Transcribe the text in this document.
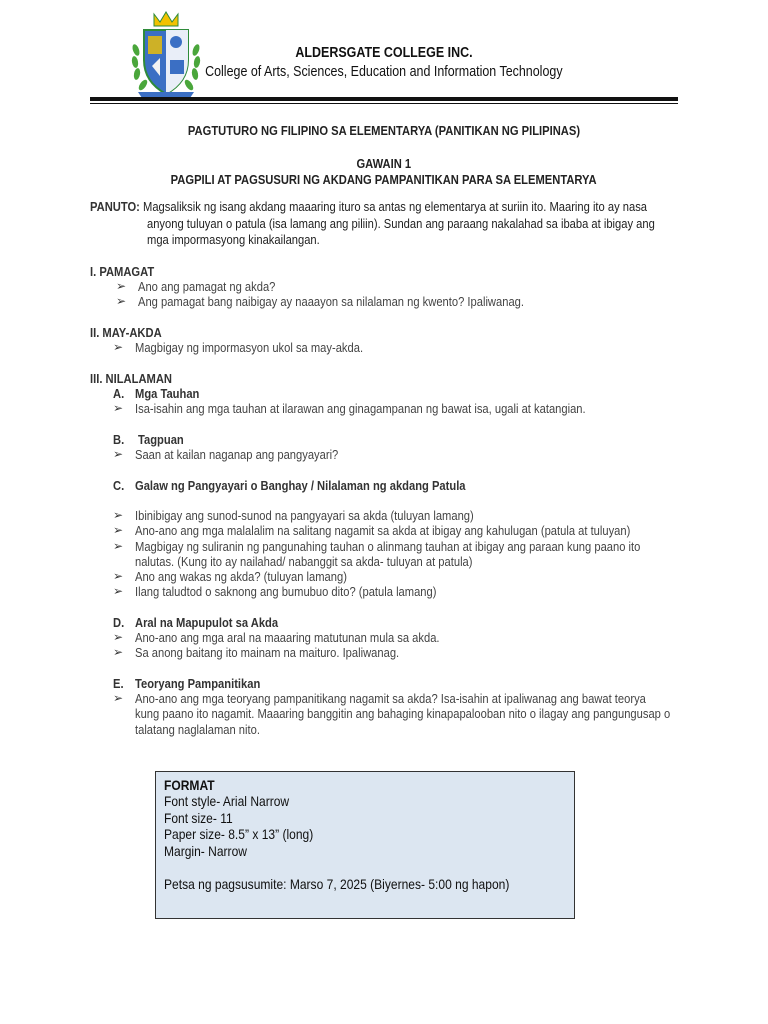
ALDERSGATE COLLEGE INC.
College of Arts, Sciences, Education and Information Technology
PAGTUTURO NG FILIPINO SA ELEMENTARYA (PANITIKAN NG PILIPINAS)
GAWAIN 1
PAGPILI AT PAGSUSURI NG AKDANG PAMPANITIKAN PARA SA ELEMENTARYA
PANUTO: Magsaliksik ng isang akdang maaaring ituro sa antas ng elementarya at suriin ito. Maaring ito ay nasa
anyong tuluyan o patula (isa lamang ang piliin). Sundan ang paraang nakalahad sa ibaba at ibigay ang
mga impormasyong kinakailangan.
I. PAMAGAT
➢ Ano ang pamagat ng akda?
➢ Ang pamagat bang naibigay ay naaayon sa nilalaman ng kwento? Ipaliwanag.
II. MAY-AKDA
➢ Magbigay ng impormasyon ukol sa may-akda.
III. NILALAMAN
A. Mga Tauhan
➢ Isa-isahin ang mga tauhan at ilarawan ang ginagampanan ng bawat isa, ugali at katangian.
B. Tagpuan
➢ Saan at kailan naganap ang pangyayari?
C. Galaw ng Pangyayari o Banghay / Nilalaman ng akdang Patula
➢ Ibinibigay ang sunod-sunod na pangyayari sa akda (tuluyan lamang)
➢ Ano-ano ang mga malalalim na salitang nagamit sa akda at ibigay ang kahulugan (patula at tuluyan)
➢ Magbigay ng suliranin ng pangunahing tauhan o alinmang tauhan at ibigay ang paraan kung paano ito
nalutas. (Kung ito ay nailahad/ nabanggit sa akda- tuluyan at patula)
➢ Ano ang wakas ng akda? (tuluyan lamang)
➢ Ilang taludtod o saknong ang bumubuo dito? (patula lamang)
D. Aral na Mapupulot sa Akda
➢ Ano-ano ang mga aral na maaaring matutunan mula sa akda.
➢ Sa anong baitang ito mainam na maituro. Ipaliwanag.
E. Teoryang Pampanitikan
➢ Ano-ano ang mga teoryang pampanitikang nagamit sa akda? Isa-isahin at ipaliwanag ang bawat teorya
kung paano ito nagamit. Maaaring banggitin ang bahaging kinapapalooban nito o ilagay ang pangungusap o
talatang naglalaman nito.
FORMAT
Font style- Arial Narrow
Font size- 11
Paper size- 8.5” x 13” (long)
Margin- Narrow
Petsa ng pagsusumite: Marso 7, 2025 (Biyernes- 5:00 ng hapon)
